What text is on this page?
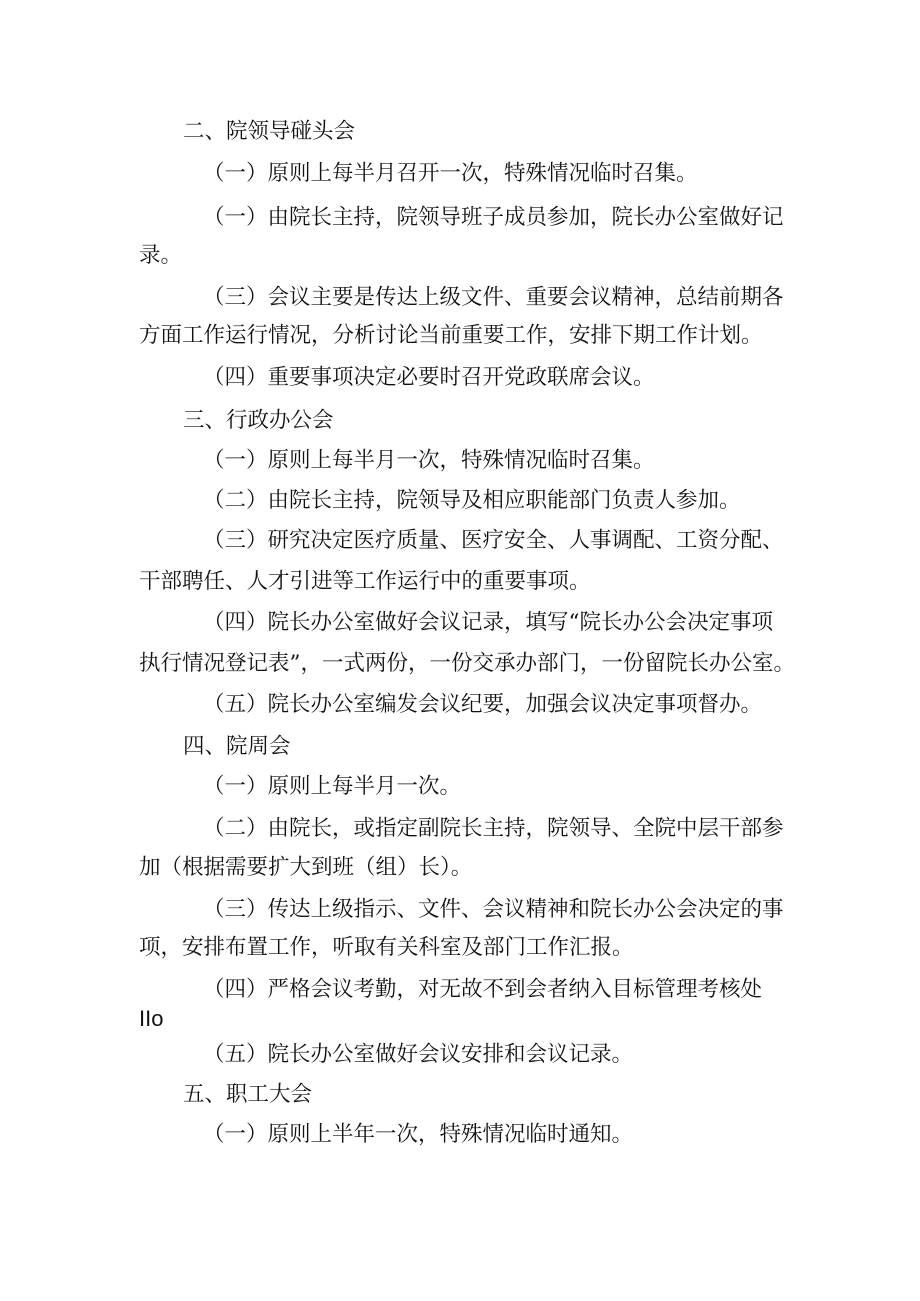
二、院领导碰头会
（一）原则上每半月召开一次，特殊情况临时召集。
（一）由院长主持，院领导班子成员参加，院长办公室做好记
录。
（三）会议主要是传达上级文件、重要会议精神，总结前期各
方面工作运行情况，分析讨论当前重要工作，安排下期工作计划。
（四）重要事项决定必要时召开党政联席会议。
三、行政办公会
（一）原则上每半月一次，特殊情况临时召集。
（二）由院长主持，院领导及相应职能部门负责人参加。
（三）研究决定医疗质量、医疗安全、人事调配、工资分配、
干部聘任、人才引进等工作运行中的重要事项。
（四）院长办公室做好会议记录，填写“院长办公会决定事项
执行情况登记表”，一式两份，一份交承办部门，一份留院长办公室。
（五）院长办公室编发会议纪要，加强会议决定事项督办。
四、院周会
（一）原则上每半月一次。
（二）由院长，或指定副院长主持，院领导、全院中层干部参
加（根据需要扩大到班（组）长）。
（三）传达上级指示、文件、会议精神和院长办公会决定的事
项，安排布置工作，听取有关科室及部门工作汇报。
（四）严格会议考勤，对无故不到会者纳入目标管理考核处
IIo
（五）院长办公室做好会议安排和会议记录。
五、职工大会
（一）原则上半年一次，特殊情况临时通知。
